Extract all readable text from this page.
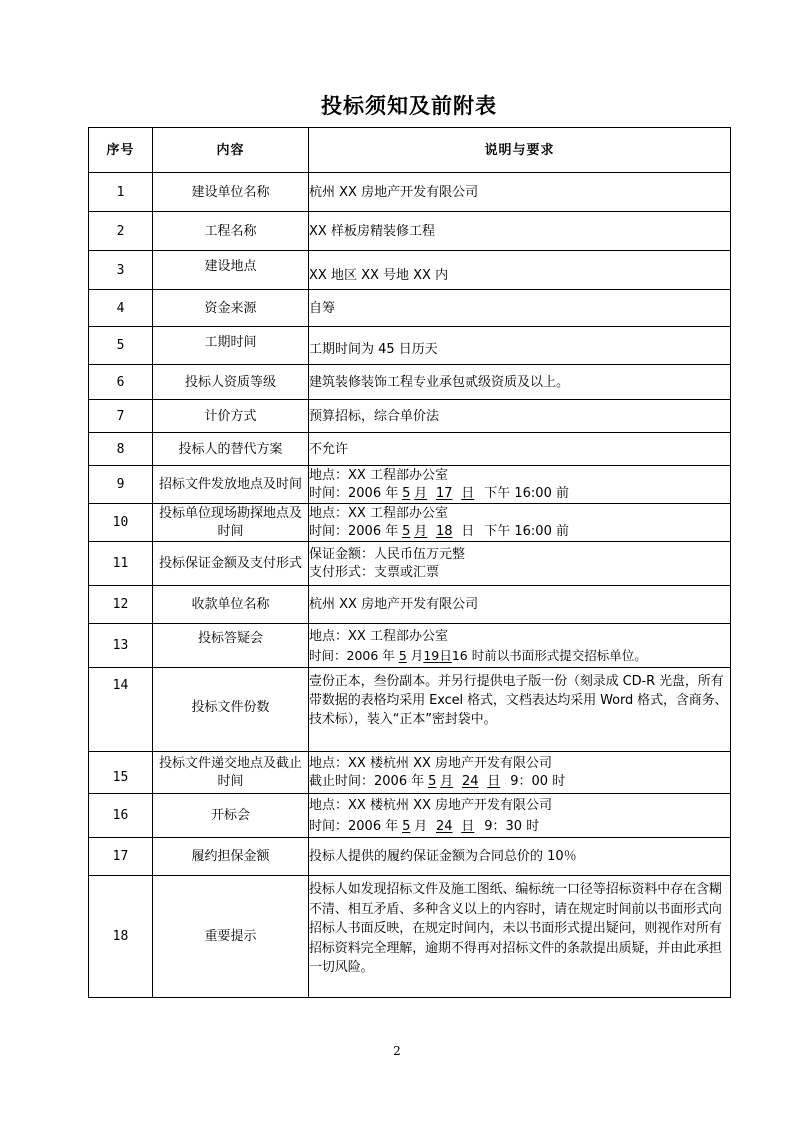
投标须知及前附表
序号	内容	说明与要求
1	建设单位名称	杭州 XX 房地产开发有限公司

2	工程名称	XX 样板房精装修工程

3	建设地点	XX 地区 XX 号地 XX 内

4	资金来源	自筹

5	工期时间	工期时间为 45 日历天

6	投标人资质等级	建筑装修装饰工程专业承包贰级资质及以上。

7	计价方式	预算招标，综合单价法

8	投标人的替代方案	不允许

9	招标文件发放地点及时间	地点：XX 工程部办公室
时间：2006 年 5 月 17 日 下午 16:00 前

10	投标单位现场勘探地点及时间	地点：XX 工程部办公室
时间：2006 年 5 月 18 日 下午 16:00 前

11	投标保证金额及支付形式	保证金额：人民币伍万元整
支付形式：支票或汇票

12	收款单位名称	杭州 XX 房地产开发有限公司

13	投标答疑会	地点：XX 工程部办公室
时间：2006 年 5 月19日16 时前以书面形式提交招标单位。

14	投标文件份数	壹份正本，叁份副本。并另行提供电子版一份（刻录成 CD-R 光盘，所有带数据的表格均采用 Excel 格式，文档表达均采用 Word 格式，含商务、技术标），装入“正本”密封袋中。

15	投标文件递交地点及截止时间	地点：XX 楼杭州 XX 房地产开发有限公司
截止时间：2006 年 5 月 24 日 9：00 时

16	开标会	地点：XX 楼杭州 XX 房地产开发有限公司
时间：2006 年 5 月 24 日 9：30 时

17	履约担保金额	投标人提供的履约保证金额为合同总价的 10％

18	重要提示	投标人如发现招标文件及施工图纸、编标统一口径等招标资料中存在含糊不清、相互矛盾、多种含义以上的内容时，请在规定时间前以书面形式向招标人书面反映，在规定时间内，未以书面形式提出疑问，则视作对所有招标资料完全理解，逾期不得再对招标文件的条款提出质疑，并由此承担一切风险。
2
